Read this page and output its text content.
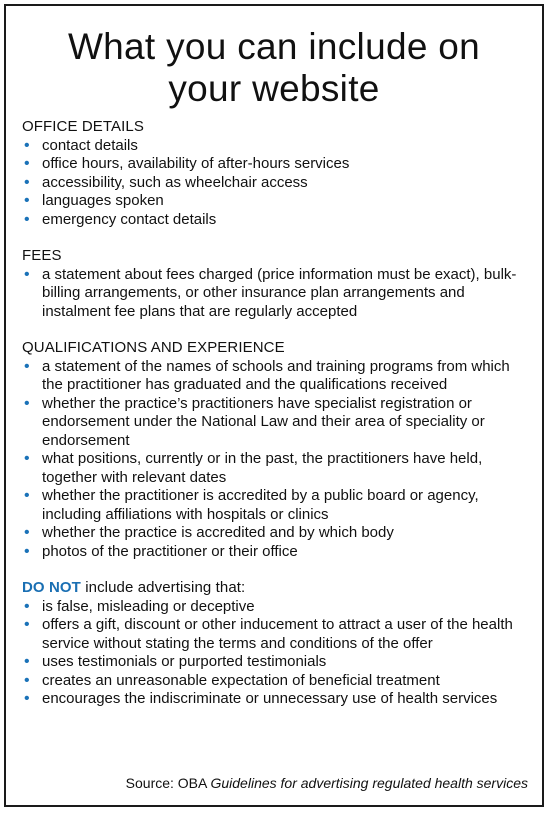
What you can include on
your website
OFFICE DETAILS
• contact details
• office hours, availability of after-hours services
• accessibility, such as wheelchair access
• languages spoken
• emergency contact details
FEES
• a statement about fees charged (price information must be exact), bulk-billing arrangements, or other insurance plan arrangements and instalment fee plans that are regularly accepted
QUALIFICATIONS AND EXPERIENCE
• a statement of the names of schools and training programs from which the practitioner has graduated and the qualifications received
• whether the practice’s practitioners have specialist registration or endorsement under the National Law and their area of speciality or endorsement
• what positions, currently or in the past, the practitioners have held, together with relevant dates
• whether the practitioner is accredited by a public board or agency, including affiliations with hospitals or clinics
• whether the practice is accredited and by which body
• photos of the practitioner or their office
DO NOT include advertising that:
• is false, misleading or deceptive
• offers a gift, discount or other inducement to attract a user of the health service without stating the terms and conditions of the offer
• uses testimonials or purported testimonials
• creates an unreasonable expectation of beneficial treatment
• encourages the indiscriminate or unnecessary use of health services
Source: OBA Guidelines for advertising regulated health services
